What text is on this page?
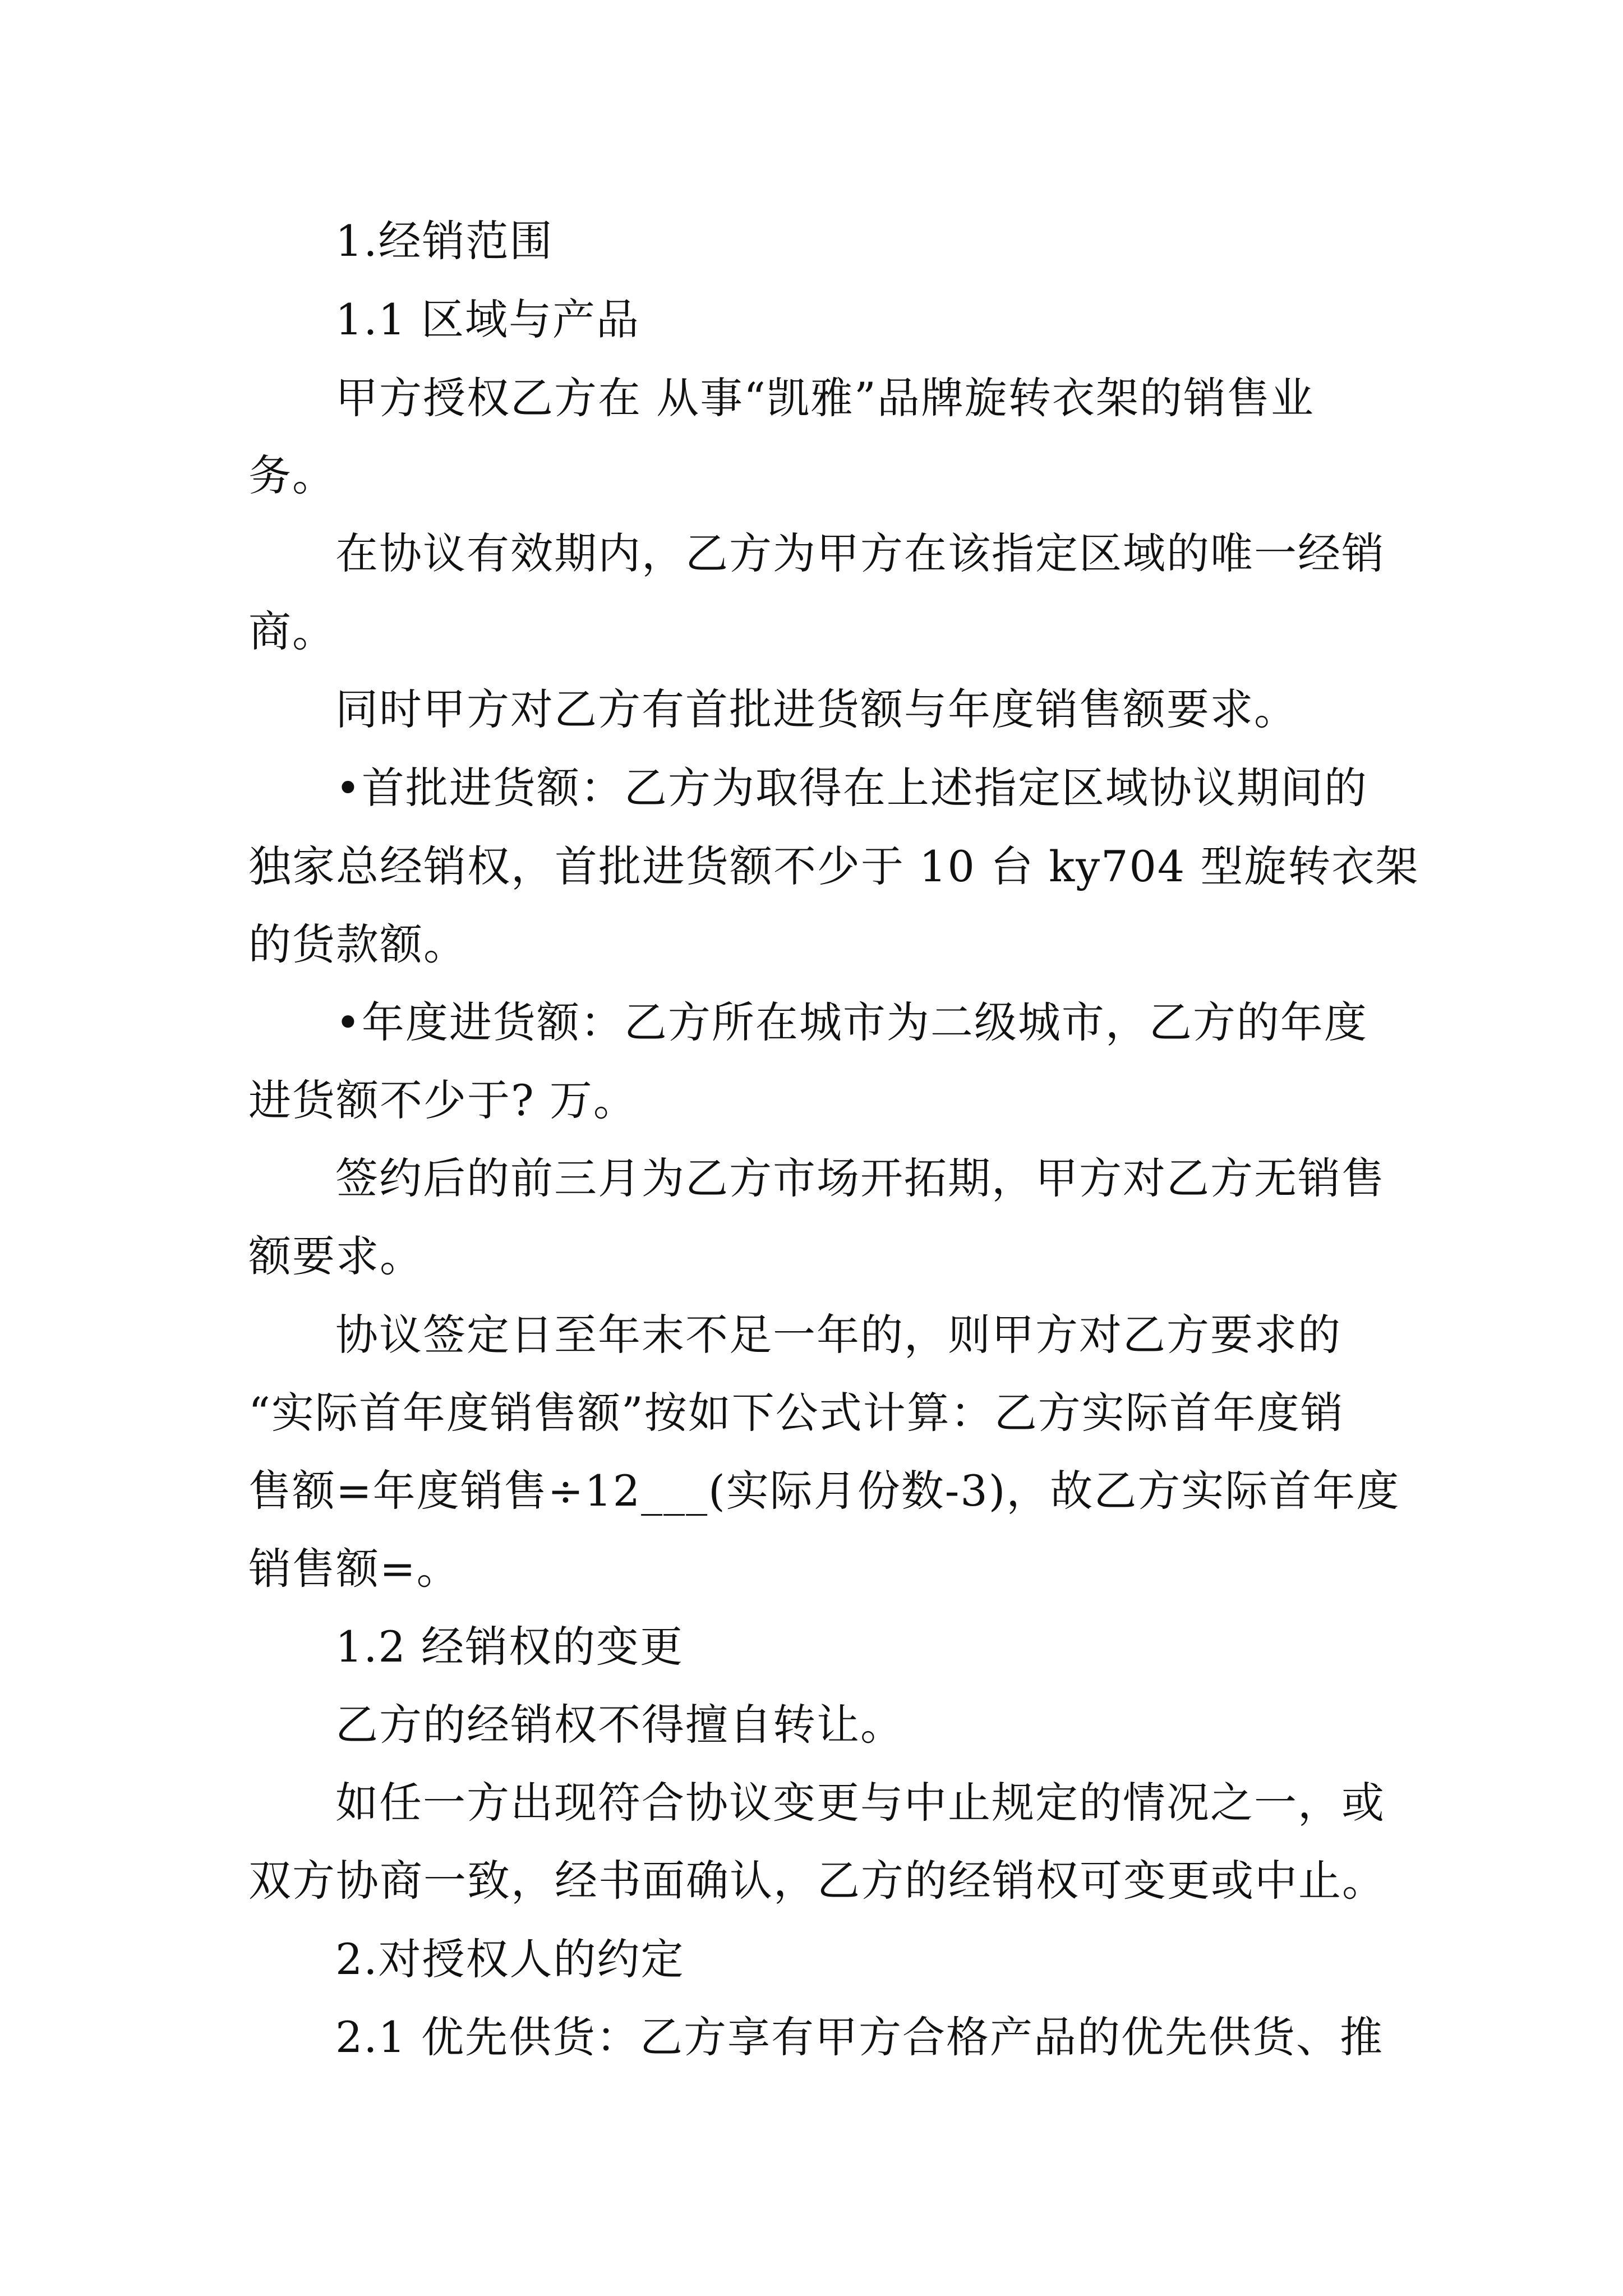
1.经销范围
1.1 区域与产品
甲方授权乙方在 从事“凯雅”品牌旋转衣架的销售业
务。
在协议有效期内，乙方为甲方在该指定区域的唯一经销
商。
同时甲方对乙方有首批进货额与年度销售额要求。
•首批进货额：乙方为取得在上述指定区域协议期间的
独家总经销权，首批进货额不少于 10 台 ky704 型旋转衣架
的货款额。
•年度进货额：乙方所在城市为二级城市，乙方的年度
进货额不少于? 万。
签约后的前三月为乙方市场开拓期，甲方对乙方无销售
额要求。
协议签定日至年末不足一年的，则甲方对乙方要求的
“实际首年度销售额”按如下公式计算：乙方实际首年度销
售额=年度销售÷12___(实际月份数-3)，故乙方实际首年度
销售额=。
1.2 经销权的变更
乙方的经销权不得擅自转让。
如任一方出现符合协议变更与中止规定的情况之一，或
双方协商一致，经书面确认，乙方的经销权可变更或中止。
2.对授权人的约定
2.1 优先供货：乙方享有甲方合格产品的优先供货、推
